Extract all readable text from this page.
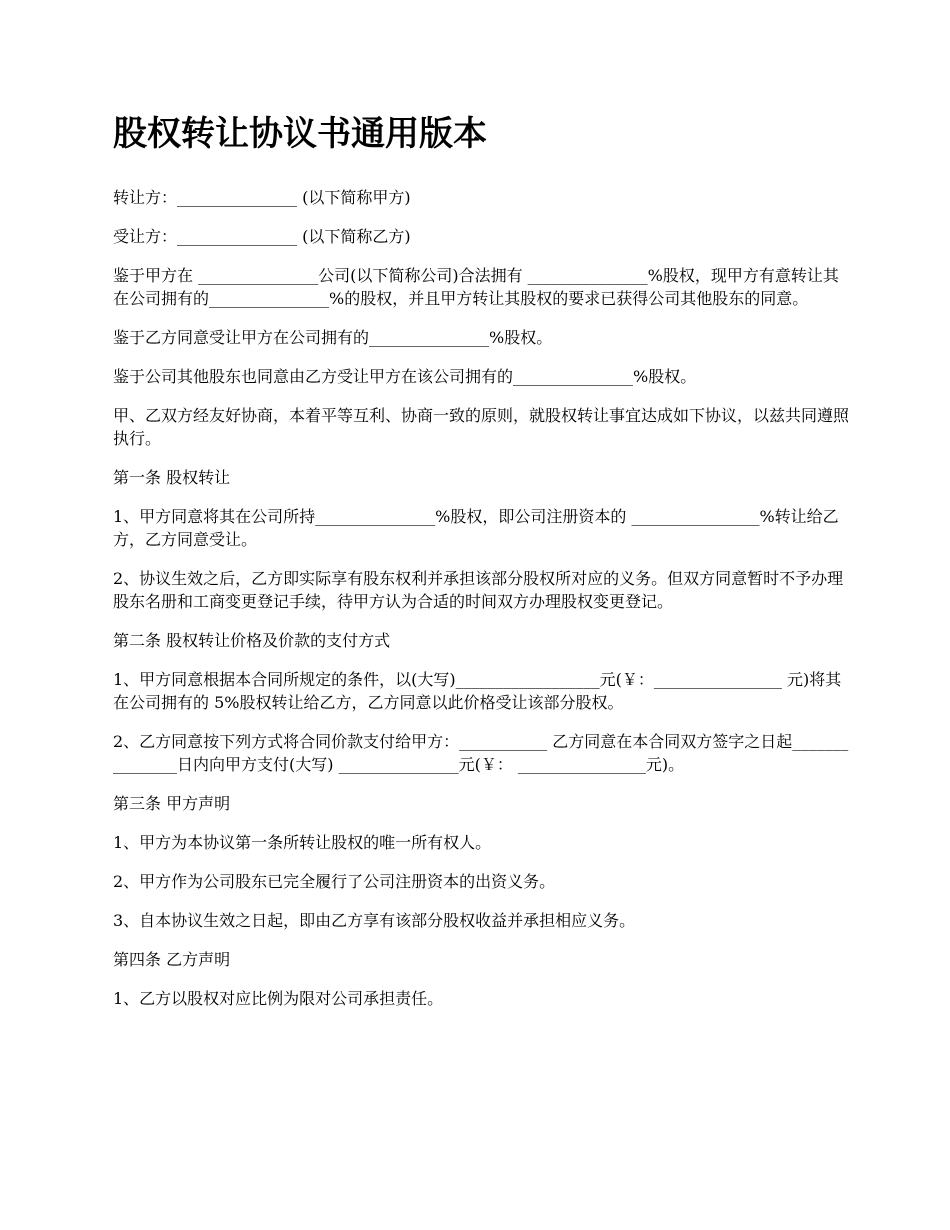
股权转让协议书通用版本

转让方：_______________ (以下简称甲方)

受让方：_______________ (以下简称乙方)

鉴于甲方在 _______________公司(以下简称公司)合法拥有 _______________%股权，现甲方有意转让其在公司拥有的_______________%的股权，并且甲方转让其股权的要求已获得公司其他股东的同意。

鉴于乙方同意受让甲方在公司拥有的_______________%股权。

鉴于公司其他股东也同意由乙方受让甲方在该公司拥有的_______________%股权。

甲、乙双方经友好协商，本着平等互利、协商一致的原则，就股权转让事宜达成如下协议，以兹共同遵照执行。

第一条 股权转让

1、甲方同意将其在公司所持_______________%股权，即公司注册资本的 ________________%转让给乙方，乙方同意受让。

2、协议生效之后，乙方即实际享有股东权利并承担该部分股权所对应的义务。但双方同意暂时不予办理股东名册和工商变更登记手续，待甲方认为合适的时间双方办理股权变更登记。

第二条 股权转让价格及价款的支付方式

1、甲方同意根据本合同所规定的条件，以(大写)__________________元(￥：________________ 元)将其在公司拥有的 5%股权转让给乙方，乙方同意以此价格受让该部分股权。

2、乙方同意按下列方式将合同价款支付给甲方：___________ 乙方同意在本合同双方签字之日起_______________日内向甲方支付(大写) _______________元(￥： ________________元)。

第三条 甲方声明

1、甲方为本协议第一条所转让股权的唯一所有权人。

2、甲方作为公司股东已完全履行了公司注册资本的出资义务。

3、自本协议生效之日起，即由乙方享有该部分股权收益并承担相应义务。

第四条 乙方声明

1、乙方以股权对应比例为限对公司承担责任。
